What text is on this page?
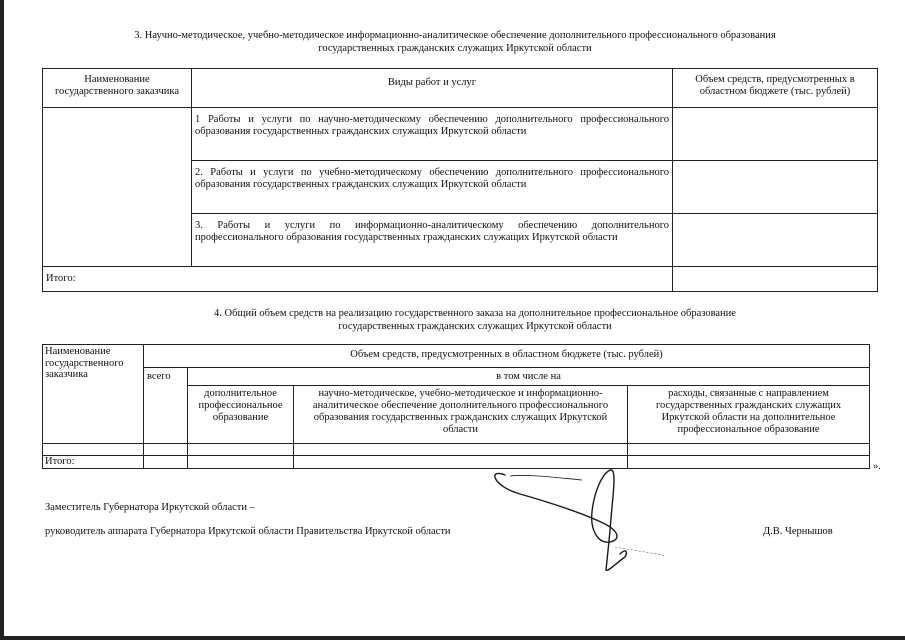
3. Научно-методическое, учебно-методическое информационно-аналитическое обеспечение дополнительного профессионального образования
государственных гражданских служащих Иркутской области
Наименование государственного заказчика	Виды работ и услуг	Объем средств, предусмотренных в областном бюджете (тыс. рублей)
	1 Работы и услуги по научно-методическому обеспечению дополнительного профессионального образования государственных гражданских служащих Иркутской области	
	2. Работы и услуги по учебно-методическому обеспечению дополнительного профессионального образования государственных гражданских служащих Иркутской области	
	3. Работы и услуги по информационно-аналитическому обеспечению дополнительного профессионального образования государственных гражданских служащих Иркутской области	
Итого:		
4. Общий объем средств на реализацию государственного заказа на дополнительное профессиональное образование
государственных гражданских служащих Иркутской области
Наименование государственного заказчика	Объем средств, предусмотренных в областном бюджете (тыс. рублей)			
	всего	в том числе на		
		дополнительное профессиональное образование	научно-методическое, учебно-методическое и информационно-аналитическое обеспечение дополнительного профессионального образования государственных гражданских служащих Иркутской области	расходы, связанные с направлением государственных гражданских служащих Иркутской области на дополнительное профессиональное образование

Итого:					».
Заместитель Губернатора Иркутской области –
руководитель аппарата Губернатора Иркутской области Правительства Иркутской области	Д.В. Чернышов
